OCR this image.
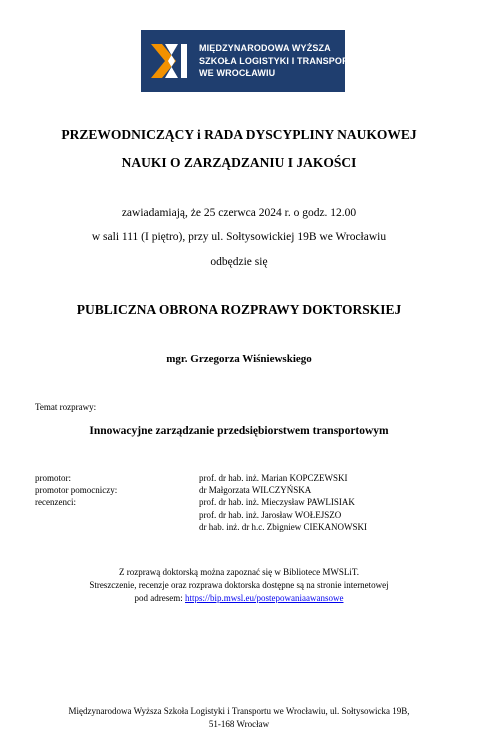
MIĘDZYNARODOWA WYŻSZA
SZKOŁA LOGISTYKI I TRANSPORTU
WE WROCŁAWIU
PRZEWODNICZĄCY i RADA DYSCYPLINY NAUKOWEJ
NAUKI O ZARZĄDZANIU I JAKOŚCI
zawiadamiają, że 25 czerwca 2024 r. o godz. 12.00
w sali 111 (I piętro), przy ul. Sołtysowickiej 19B we Wrocławiu
odbędzie się
PUBLICZNA OBRONA ROZPRAWY DOKTORSKIEJ
mgr. Grzegorza Wiśniewskiego
Temat rozprawy:
Innowacyjne zarządzanie przedsiębiorstwem transportowym
promotor:	prof. dr hab. inż. Marian KOPCZEWSKI
promotor pomocniczy:	dr Małgorzata WILCZYŃSKA
recenzenci:	prof. dr hab. inż. Mieczysław PAWLISIAK
prof. dr hab. inż. Jarosław WOŁEJSZO
dr hab. inż. dr h.c. Zbigniew CIEKANOWSKI
Z rozprawą doktorską można zapoznać się w Bibliotece MWSLiT.
Streszczenie, recenzje oraz rozprawa doktorska dostępne są na stronie internetowej
pod adresem: https://bip.mwsl.eu/postepowaniaawansowe
Międzynarodowa Wyższa Szkoła Logistyki i Transportu we Wrocławiu, ul. Sołtysowicka 19B,
51-168 Wrocław
